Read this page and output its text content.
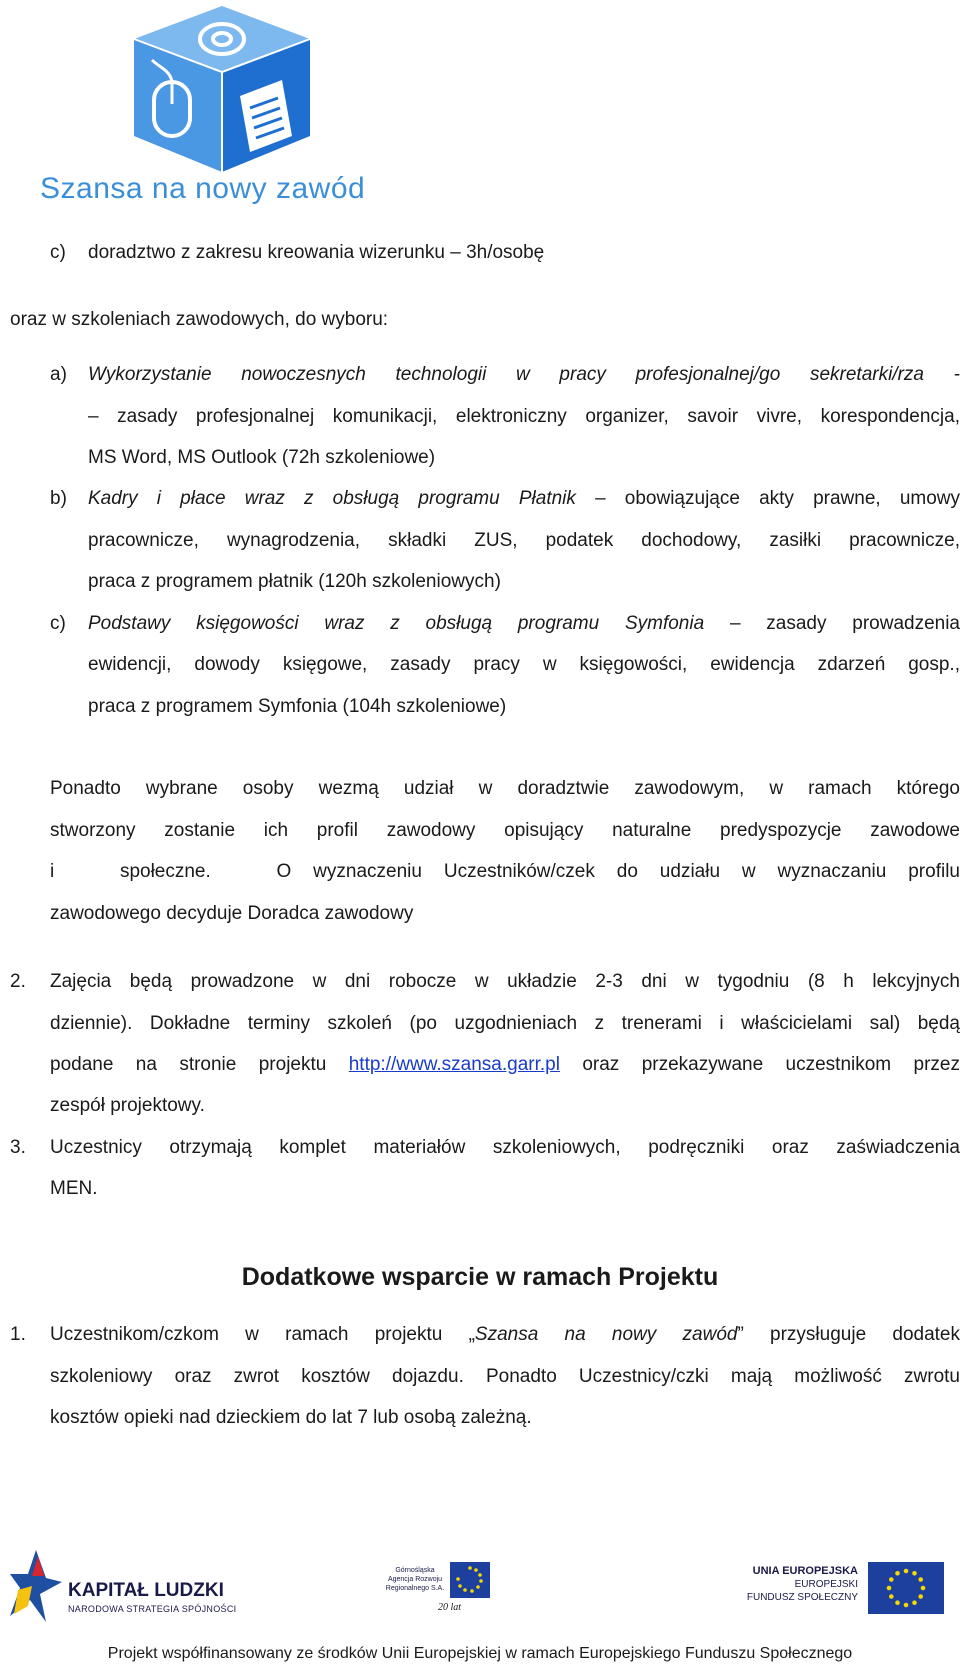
Szansa na nowy zawód
c) doradztwo z zakresu kreowania wizerunku – 3h/osobę
oraz w szkoleniach zawodowych, do wyboru:
a) Wykorzystanie nowoczesnych technologii w pracy profesjonalnej/go sekretarki/rza -
– zasady profesjonalnej komunikacji, elektroniczny organizer, savoir vivre, korespondencja,
MS Word, MS Outlook (72h szkoleniowe)
b) Kadry i płace wraz z obsługą programu Płatnik – obowiązujące akty prawne, umowy
pracownicze, wynagrodzenia, składki ZUS, podatek dochodowy, zasiłki pracownicze,
praca z programem płatnik (120h szkoleniowych)
c) Podstawy księgowości wraz z obsługą programu Symfonia – zasady prowadzenia
ewidencji, dowody księgowe, zasady pracy w księgowości, ewidencja zdarzeń gosp.,
praca z programem Symfonia (104h szkoleniowe)
Ponadto wybrane osoby wezmą udział w doradztwie zawodowym, w ramach którego
stworzony zostanie ich profil zawodowy opisujący naturalne predyspozycje zawodowe
i   społeczne.   O wyznaczeniu Uczestników/czek do udziału w wyznaczaniu profilu
zawodowego decyduje Doradca zawodowy
2. Zajęcia będą prowadzone w dni robocze w układzie 2-3 dni w tygodniu (8 h lekcyjnych
dziennie). Dokładne terminy szkoleń (po uzgodnieniach z trenerami i właścicielami sal) będą
podane na stronie projektu http://www.szansa.garr.pl oraz przekazywane uczestnikom przez
zespół projektowy.
3. Uczestnicy otrzymają komplet materiałów szkoleniowych, podręczniki oraz zaświadczenia
MEN.
Dodatkowe wsparcie w ramach Projektu
1. Uczestnikom/czkom w ramach projektu „Szansa na nowy zawód” przysługuje dodatek
szkoleniowy oraz zwrot kosztów dojazdu. Ponadto Uczestnicy/czki mają możliwość zwrotu
kosztów opieki nad dzieckiem do lat 7 lub osobą zależną.
KAPITAŁ LUDZKI
NARODOWA STRATEGIA SPÓJNOŚCI
Górnośląska
Agencja Rozwoju
Regionalnego S.A.
20 lat
UNIA EUROPEJSKA
EUROPEJSKI
FUNDUSZ SPOŁECZNY
Projekt współfinansowany ze środków Unii Europejskiej w ramach Europejskiego Funduszu Społecznego
